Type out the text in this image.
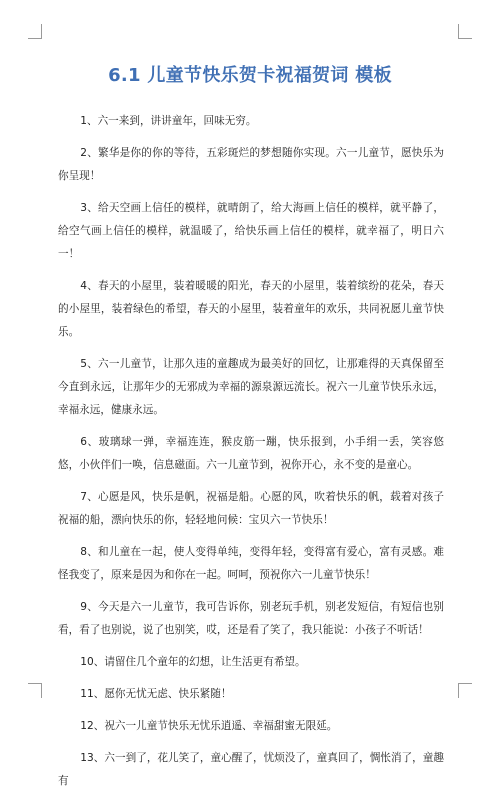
6.1 儿童节快乐贺卡祝福贺词 模板

1、六一来到，讲讲童年，回味无穷。

2、繁华是你的你的等待，五彩斑烂的梦想随你实现。六一儿童节，愿快乐为你呈现！

3、给天空画上信任的模样，就晴朗了，给大海画上信任的模样，就平静了，给空气画上信任的模样，就温暖了，给快乐画上信任的模样，就幸福了，明日六一！

4、春天的小屋里，装着暖暖的阳光，春天的小屋里，装着缤纷的花朵，春天的小屋里，装着绿色的希望，春天的小屋里，装着童年的欢乐，共同祝愿儿童节快乐。

5、六一儿童节，让那久违的童趣成为最美好的回忆，让那难得的天真保留至今直到永远，让那年少的无邪成为幸福的源泉源远流长。祝六一儿童节快乐永远，幸福永远，健康永远。

6、玻璃球一弹，幸福连连，猴皮筋一蹦，快乐报到，小手绢一丢，笑容悠悠，小伙伴们一唤，信息磁面。六一儿童节到，祝你开心，永不变的是童心。

7、心愿是风，快乐是帆，祝福是船。心愿的风，吹着快乐的帆，载着对孩子祝福的船，漂向快乐的你，轻轻地问候：宝贝六一节快乐！

8、和儿童在一起，使人变得单纯，变得年轻，变得富有爱心，富有灵感。难怪我变了，原来是因为和你在一起。呵呵，预祝你六一儿童节快乐！

9、今天是六一儿童节，我可告诉你，别老玩手机，别老发短信，有短信也别看，看了也别说，说了也别笑，哎，还是看了笑了，我只能说：小孩子不听话！

10、请留住几个童年的幻想，让生活更有希望。

11、愿你无忧无虑、快乐紧随！

12、祝六一儿童节快乐无忧乐逍遥、幸福甜蜜无限延。

13、六一到了，花儿笑了，童心醒了，忧烦没了，童真回了，惆怅消了，童趣有
